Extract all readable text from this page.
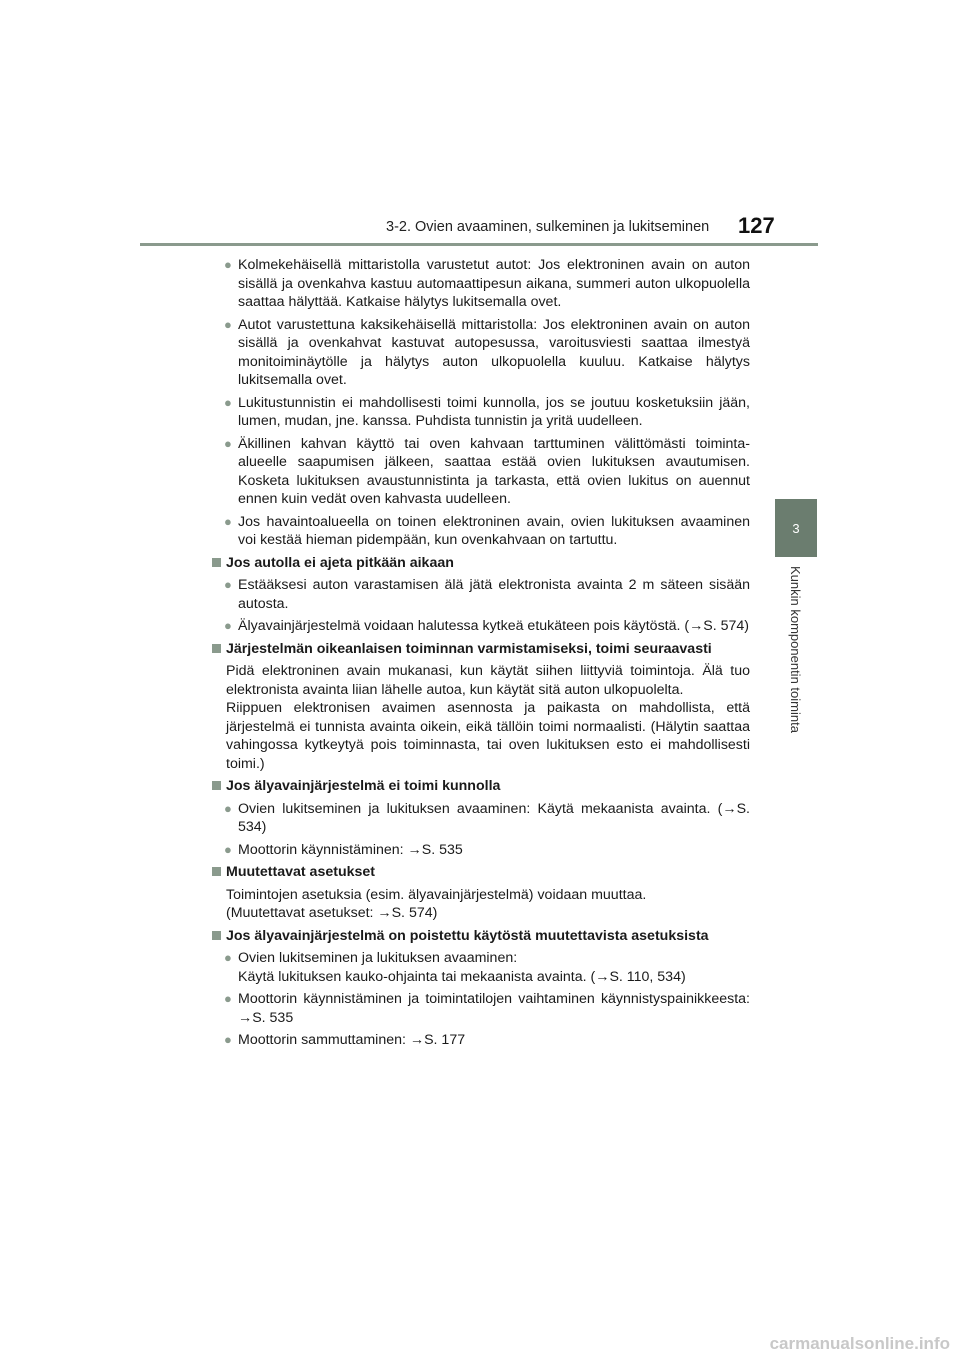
3-2. Ovien avaaminen, sulkeminen ja lukitseminen 127
3
Kunkin komponentin toiminta
● Kolmekehäisellä mittaristolla varustetut autot: Jos elektroninen avain on auton sisällä ja ovenkahva kastuu automaattipesun aikana, summeri auton ulkopuolella saattaa hälyttää. Katkaise hälytys lukitsemalla ovet.
● Autot varustettuna kaksikehäisellä mittaristolla: Jos elektroninen avain on auton sisällä ja ovenkahvat kastuvat autopesussa, varoitusviesti saattaa ilmestyä monitoiminäytölle ja hälytys auton ulkopuolella kuuluu. Katkaise hälytys lukitsemalla ovet.
● Lukitustunnistin ei mahdollisesti toimi kunnolla, jos se joutuu kosketuksiin jään, lumen, mudan, jne. kanssa. Puhdista tunnistin ja yritä uudelleen.
● Äkillinen kahvan käyttö tai oven kahvaan tarttuminen välittömästi toiminta-alueelle saapumisen jälkeen, saattaa estää ovien lukituksen avautumisen. Kosketa lukituksen avaustunnistinta ja tarkasta, että ovien lukitus on auennut ennen kuin vedät oven kahvasta uudelleen.
● Jos havaintoalueella on toinen elektroninen avain, ovien lukituksen avaaminen voi kestää hieman pidempään, kun ovenkahvaan on tartuttu.
Jos autolla ei ajeta pitkään aikaan
● Estääksesi auton varastamisen älä jätä elektronista avainta 2 m säteen sisään autosta.
● Älyavainjärjestelmä voidaan halutessa kytkeä etukäteen pois käytöstä. (→S. 574)
Järjestelmän oikeanlaisen toiminnan varmistamiseksi, toimi seuraavasti
Pidä elektroninen avain mukanasi, kun käytät siihen liittyviä toimintoja. Älä tuo elektronista avainta liian lähelle autoa, kun käytät sitä auton ulkopuolelta.
Riippuen elektronisen avaimen asennosta ja paikasta on mahdollista, että järjestelmä ei tunnista avainta oikein, eikä tällöin toimi normaalisti. (Hälytin saattaa vahingossa kytkeytyä pois toiminnasta, tai oven lukituksen esto ei mahdollisesti toimi.)
Jos älyavainjärjestelmä ei toimi kunnolla
● Ovien lukitseminen ja lukituksen avaaminen: Käytä mekaanista avainta. (→S. 534)
● Moottorin käynnistäminen: →S. 535
Muutettavat asetukset
Toimintojen asetuksia (esim. älyavainjärjestelmä) voidaan muuttaa.
(Muutettavat asetukset: →S. 574)
Jos älyavainjärjestelmä on poistettu käytöstä muutettavista asetuksista
● Ovien lukitseminen ja lukituksen avaaminen:
Käytä lukituksen kauko-ohjainta tai mekaanista avainta. (→S. 110, 534)
● Moottorin käynnistäminen ja toimintatilojen vaihtaminen käynnistyspainikkeesta: →S. 535
● Moottorin sammuttaminen: →S. 177
carmanualsonline.info
